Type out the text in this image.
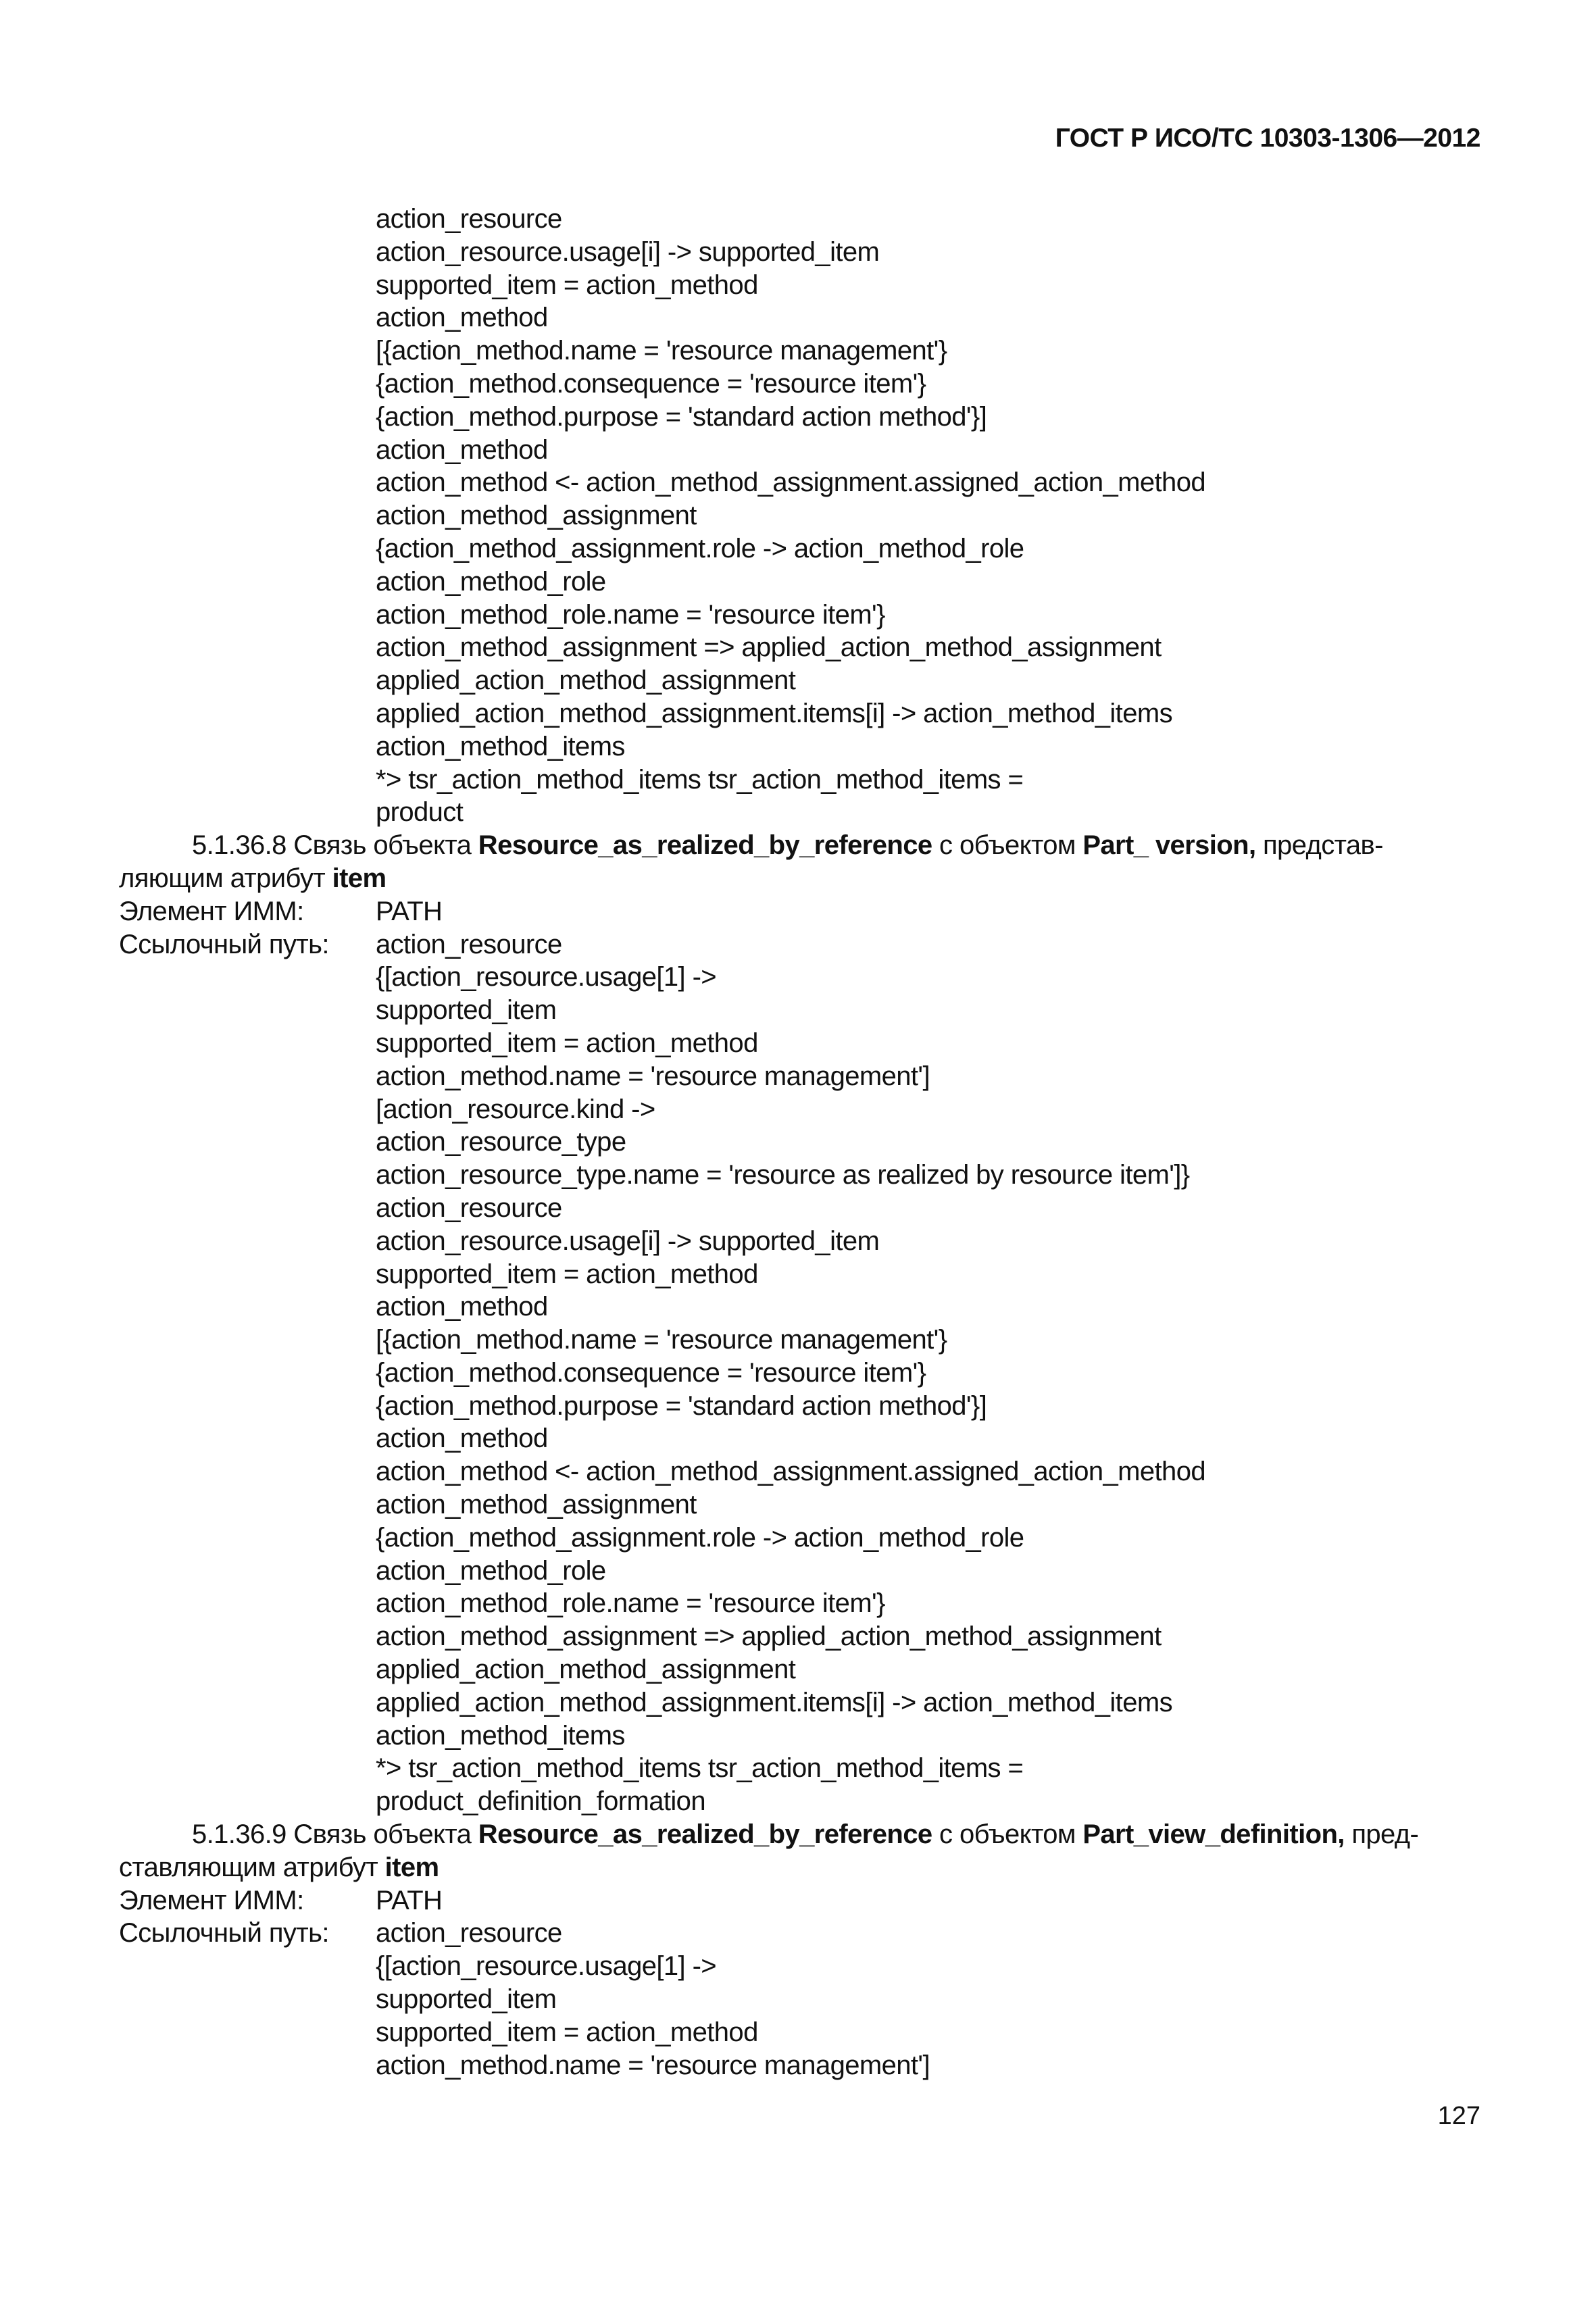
ГОСТ Р ИСО/ТС 10303-1306—2012
action_resource
action_resource.usage[i] -> supported_item
supported_item = action_method
action_method
[{action_method.name = 'resource management'}
{action_method.consequence = 'resource item'}
{action_method.purpose = 'standard action method'}]
action_method
action_method <- action_method_assignment.assigned_action_method
action_method_assignment
{action_method_assignment.role -> action_method_role
action_method_role
action_method_role.name = 'resource item'}
action_method_assignment => applied_action_method_assignment
applied_action_method_assignment
applied_action_method_assignment.items[i] -> action_method_items
action_method_items
*> tsr_action_method_items tsr_action_method_items =
product
5.1.36.8 Связь объекта Resource_as_realized_by_reference с объектом Part_ version, представ-
ляющим атрибут item
Элемент ИММ:	PATH
Ссылочный путь:	action_resource
{[action_resource.usage[1] ->
supported_item
supported_item = action_method
action_method.name = 'resource management']
[action_resource.kind ->
action_resource_type
action_resource_type.name = 'resource as realized by resource item']}
action_resource
action_resource.usage[i] -> supported_item
supported_item = action_method
action_method
[{action_method.name = 'resource management'}
{action_method.consequence = 'resource item'}
{action_method.purpose = 'standard action method'}]
action_method
action_method <- action_method_assignment.assigned_action_method
action_method_assignment
{action_method_assignment.role -> action_method_role
action_method_role
action_method_role.name = 'resource item'}
action_method_assignment => applied_action_method_assignment
applied_action_method_assignment
applied_action_method_assignment.items[i] -> action_method_items
action_method_items
*> tsr_action_method_items tsr_action_method_items =
product_definition_formation
5.1.36.9 Связь объекта Resource_as_realized_by_reference с объектом Part_view_definition, пред-
ставляющим атрибут item
Элемент ИММ:	PATH
Ссылочный путь:	action_resource
{[action_resource.usage[1] ->
supported_item
supported_item = action_method
action_method.name = 'resource management']
127
